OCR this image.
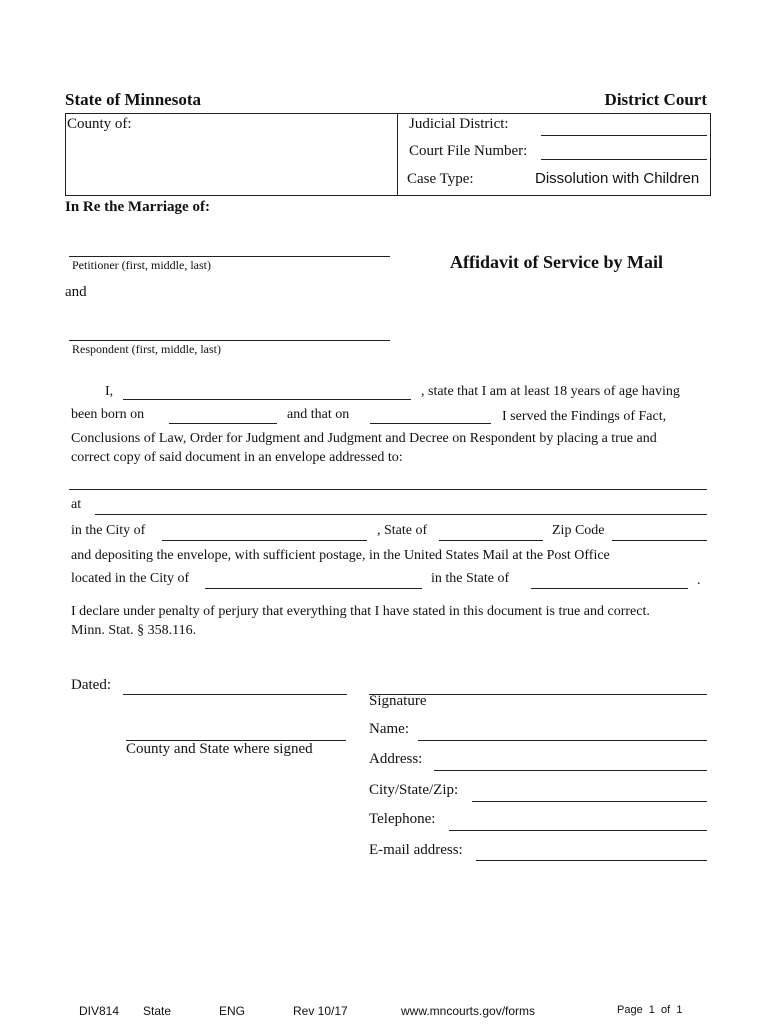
State of Minnesota	District Court
County of:	Judicial District:
Court File Number:
Case Type:	Dissolution with Children
In Re the Marriage of:
Petitioner (first, middle, last)	Affidavit of Service by Mail
and
Respondent (first, middle, last)
I,	, state that I am at least 18 years of age having
been born on	and that on	I served the Findings of Fact,
Conclusions of Law, Order for Judgment and Judgment and Decree on Respondent by placing a true and
correct copy of said document in an envelope addressed to:
at
in the City of	, State of	Zip Code
and depositing the envelope, with sufficient postage, in the United States Mail at the Post Office
located in the City of	in the State of	.
I declare under penalty of perjury that everything that I have stated in this document is true and correct.
Minn. Stat. § 358.116.
Dated:
Signature
Name:
County and State where signed
Address:
City/State/Zip:
Telephone:
E-mail address:
DIV814 State	ENG	Rev 10/17	www.mncourts.gov/forms	Page  1  of  1
